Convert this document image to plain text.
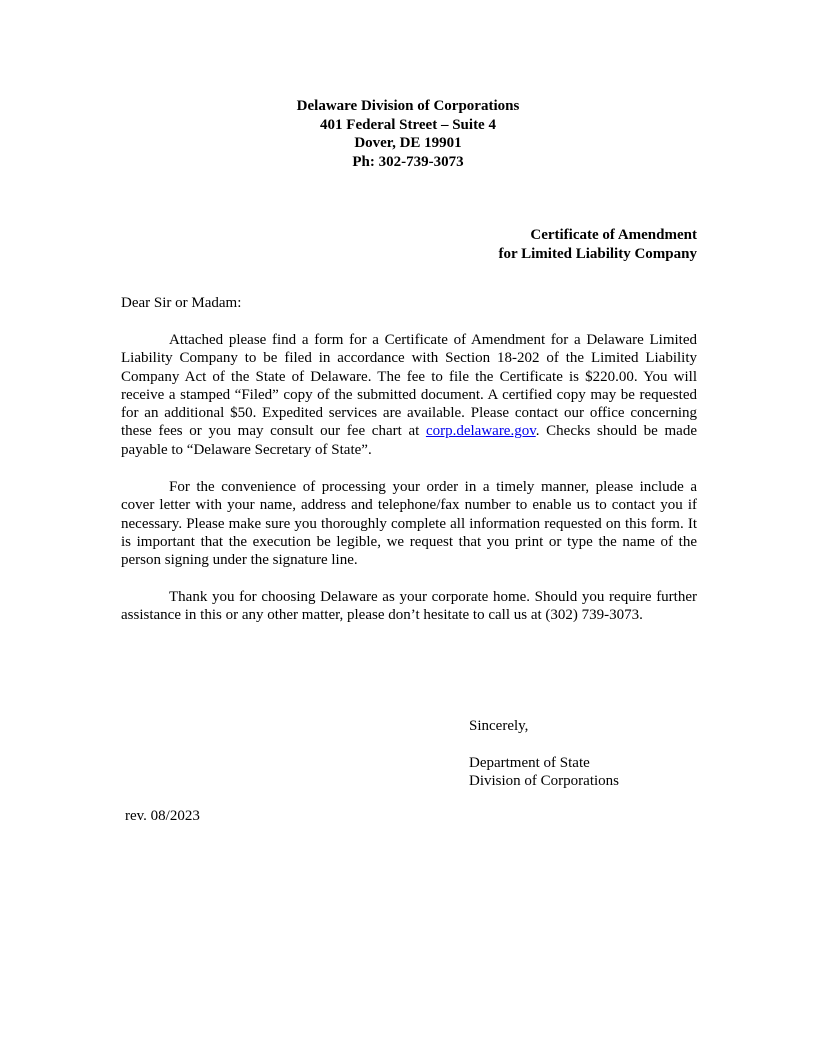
Delaware Division of Corporations
401 Federal Street – Suite 4
Dover, DE 19901
Ph: 302-739-3073
Certificate of Amendment
for Limited Liability Company
Dear Sir or Madam:
Attached please find a form for a Certificate of Amendment for a Delaware Limited Liability Company to be filed in accordance with Section 18-202 of the Limited Liability Company Act of the State of Delaware. The fee to file the Certificate is $220.00. You will receive a stamped “Filed” copy of the submitted document. A certified copy may be requested for an additional $50. Expedited services are available. Please contact our office concerning these fees or you may consult our fee chart at corp.delaware.gov. Checks should be made payable to “Delaware Secretary of State”.
For the convenience of processing your order in a timely manner, please include a cover letter with your name, address and telephone/fax number to enable us to contact you if necessary. Please make sure you thoroughly complete all information requested on this form. It is important that the execution be legible, we request that you print or type the name of the person signing under the signature line.
Thank you for choosing Delaware as your corporate home. Should you require further assistance in this or any other matter, please don’t hesitate to call us at (302) 739-3073.
Sincerely,
Department of State
Division of Corporations
rev. 08/2023
